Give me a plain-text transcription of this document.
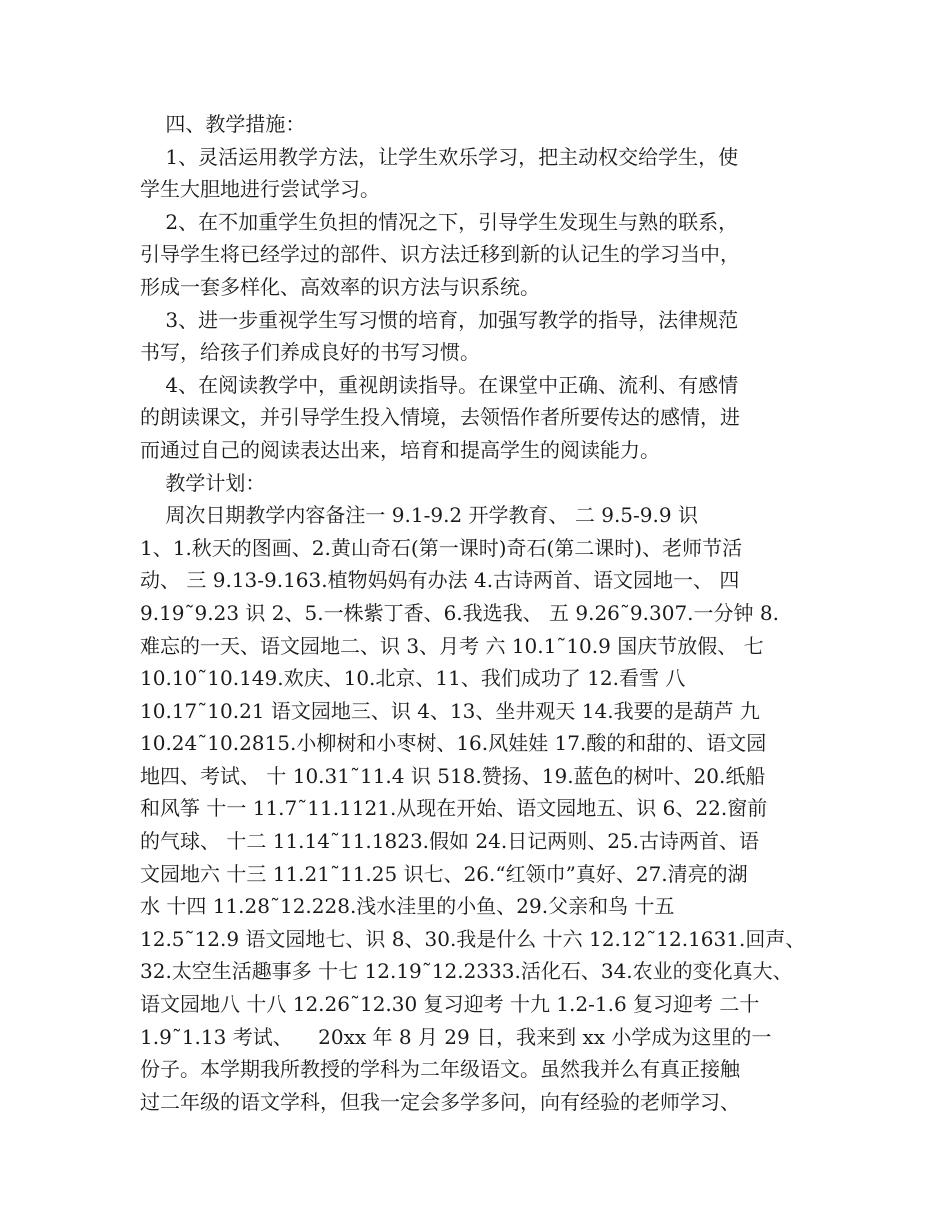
四、教学措施：
1、灵活运用教学方法，让学生欢乐学习，把主动权交给学生，使
学生大胆地进行尝试学习。
2、在不加重学生负担的情况之下，引导学生发现生与熟的联系，
引导学生将已经学过的部件、识方法迁移到新的认记生的学习当中，
形成一套多样化、高效率的识方法与识系统。
3、进一步重视学生写习惯的培育，加强写教学的指导，法律规范
书写，给孩子们养成良好的书写习惯。
4、在阅读教学中，重视朗读指导。在课堂中正确、流利、有感情
的朗读课文，并引导学生投入情境，去领悟作者所要传达的感情，进
而通过自己的阅读表达出来，培育和提高学生的阅读能力。
教学计划：
周次日期教学内容备注一 9.1-9.2 开学教育、 二 9.5-9.9 识
1、1.秋天的图画、2.黄山奇石(第一课时)奇石(第二课时)、老师节活
动、 三 9.13-9.163.植物妈妈有办法 4.古诗两首、语文园地一、 四
9.19˜9.23 识 2、5.一株紫丁香、6.我选我、 五 9.26˜9.307.一分钟 8.
难忘的一天、语文园地二、识 3、月考 六 10.1˜10.9 国庆节放假、 七
10.10˜10.149.欢庆、10.北京、11、我们成功了 12.看雪 八
10.17˜10.21 语文园地三、识 4、13、坐井观天 14.我要的是葫芦 九
10.24˜10.2815.小柳树和小枣树、16.风娃娃 17.酸的和甜的、语文园
地四、考试、 十 10.31˜11.4 识 518.赞扬、19.蓝色的树叶、20.纸船
和风筝 十一 11.7˜11.1121.从现在开始、语文园地五、识 6、22.窗前
的气球、 十二 11.14˜11.1823.假如 24.日记两则、25.古诗两首、语
文园地六 十三 11.21˜11.25 识七、26.“红领巾”真好、27.清亮的湖
水 十四 11.28˜12.228.浅水洼里的小鱼、29.父亲和鸟 十五
12.5˜12.9 语文园地七、识 8、30.我是什么 十六 12.12˜12.1631.回声、
32.太空生活趣事多 十七 12.19˜12.2333.活化石、34.农业的变化真大、
语文园地八 十八 12.26˜12.30 复习迎考 十九 1.2-1.6 复习迎考 二十
1.9˜1.13 考试、    20xx 年 8 月 29 日，我来到 xx 小学成为这里的一
份子。本学期我所教授的学科为二年级语文。虽然我并么有真正接触
过二年级的语文学科，但我一定会多学多问，向有经验的老师学习、
